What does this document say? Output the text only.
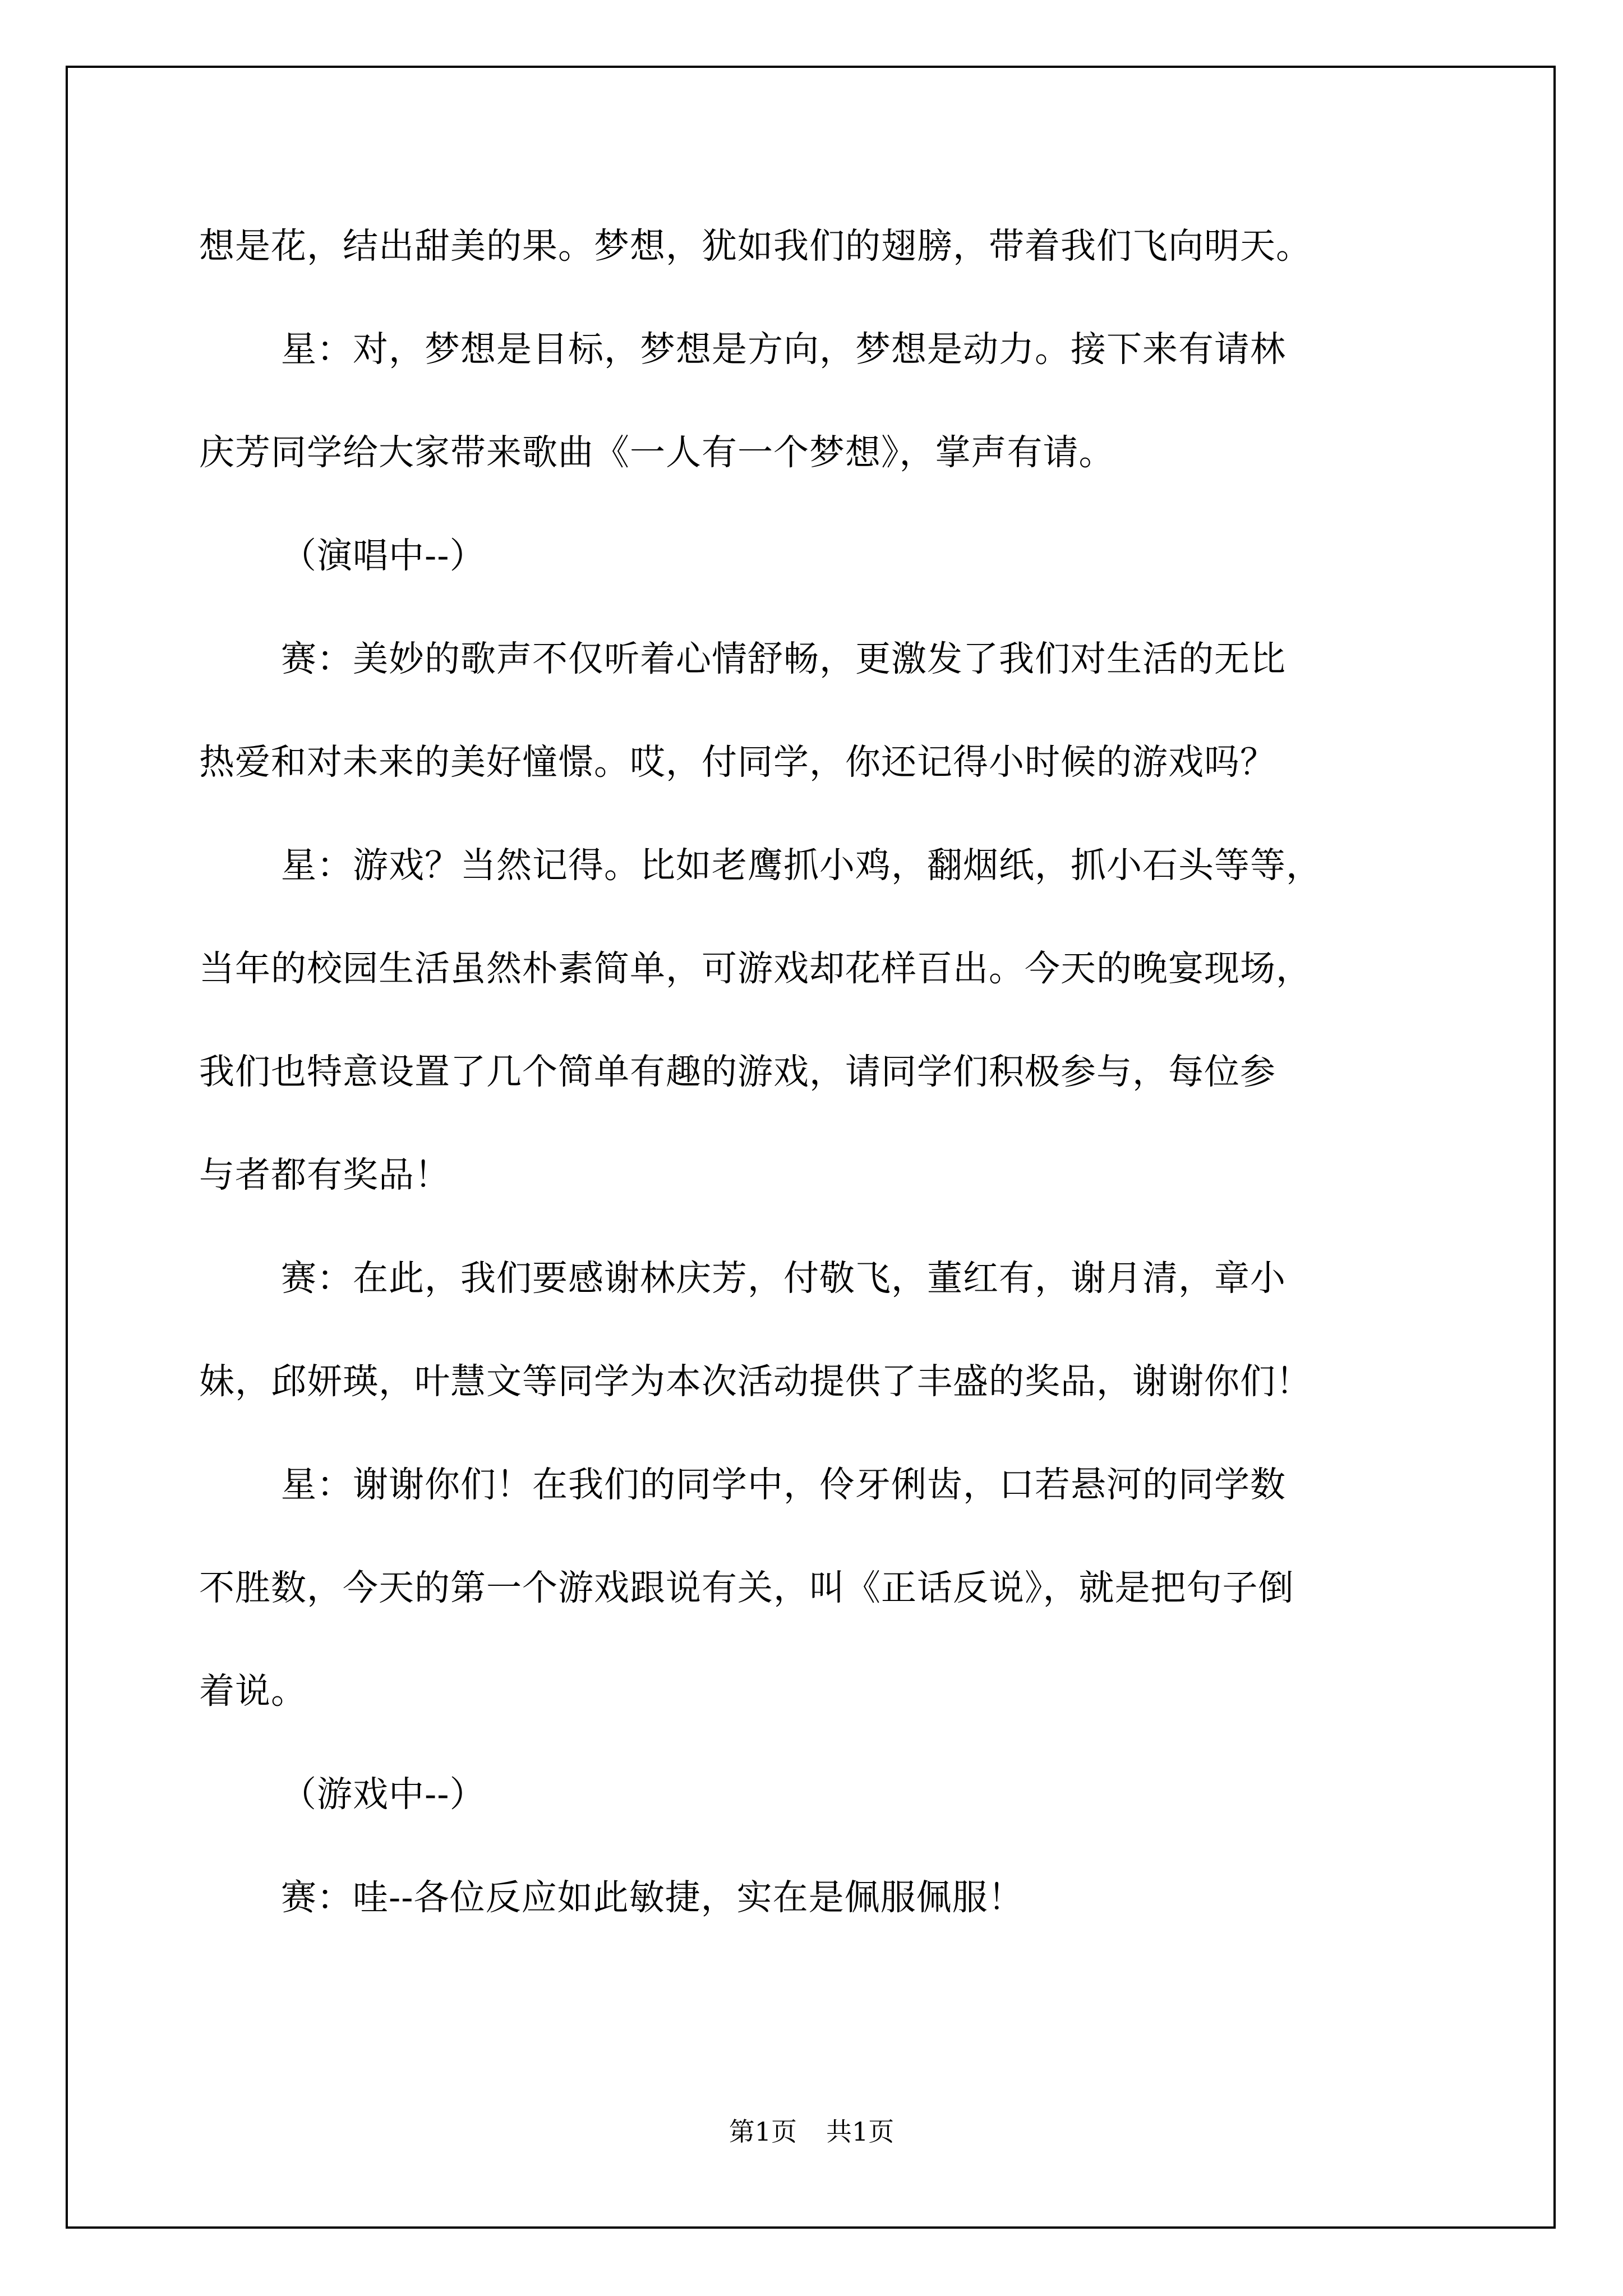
想是花，结出甜美的果。梦想，犹如我们的翅膀，带着我们飞向明天。
星：对，梦想是目标，梦想是方向，梦想是动力。接下来有请林
庆芳同学给大家带来歌曲《一人有一个梦想》，掌声有请。
（演唱中--）
赛：美妙的歌声不仅听着心情舒畅，更激发了我们对生活的无比
热爱和对未来的美好憧憬。哎，付同学，你还记得小时候的游戏吗？
星：游戏？当然记得。比如老鹰抓小鸡，翻烟纸，抓小石头等等，
当年的校园生活虽然朴素简单，可游戏却花样百出。今天的晚宴现场，
我们也特意设置了几个简单有趣的游戏，请同学们积极参与，每位参
与者都有奖品！
赛：在此，我们要感谢林庆芳，付敬飞，董红有，谢月清，章小
妹，邱妍瑛，叶慧文等同学为本次活动提供了丰盛的奖品，谢谢你们！
星：谢谢你们！在我们的同学中，伶牙俐齿，口若悬河的同学数
不胜数，今天的第一个游戏跟说有关，叫《正话反说》，就是把句子倒
着说。
（游戏中--）
赛：哇--各位反应如此敏捷，实在是佩服佩服！
第1页 共1页
